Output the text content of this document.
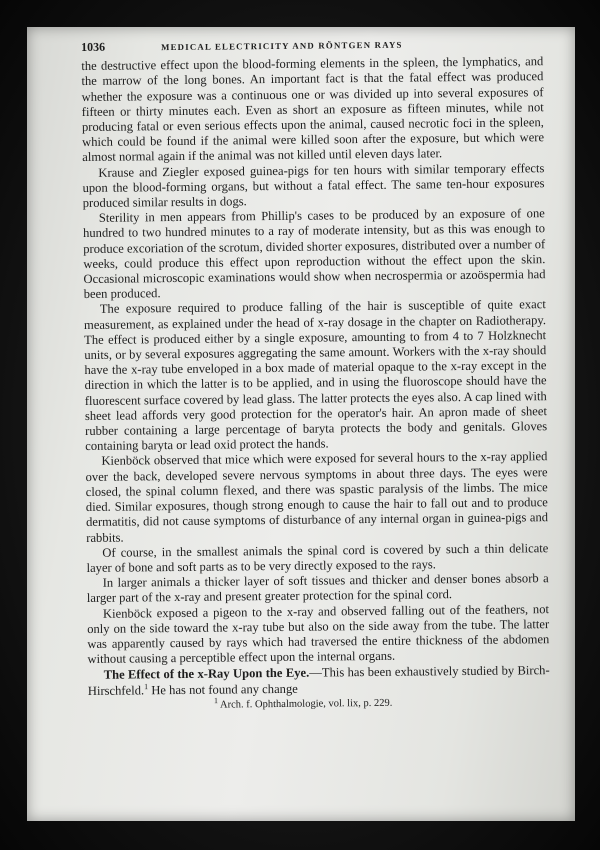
1036	MEDICAL ELECTRICITY AND RÖNTGEN RAYS

the destructive effect upon the blood-forming elements in the spleen, the lymphatics, and the marrow of the long bones. An important fact is that the fatal effect was produced whether the exposure was a continuous one or was divided up into several exposures of fifteen or thirty minutes each. Even as short an exposure as fifteen minutes, while not producing fatal or even serious effects upon the animal, caused necrotic foci in the spleen, which could be found if the animal were killed soon after the exposure, but which were almost normal again if the animal was not killed until eleven days later.

Krause and Ziegler exposed guinea-pigs for ten hours with similar temporary effects upon the blood-forming organs, but without a fatal effect. The same ten-hour exposures produced similar results in dogs.

Sterility in men appears from Phillip's cases to be produced by an exposure of one hundred to two hundred minutes to a ray of moderate intensity, but as this was enough to produce excoriation of the scrotum, divided shorter exposures, distributed over a number of weeks, could produce this effect upon reproduction without the effect upon the skin. Occasional microscopic examinations would show when necrospermia or azoöspermia had been produced.

The exposure required to produce falling of the hair is susceptible of quite exact measurement, as explained under the head of x-ray dosage in the chapter on Radiotherapy. The effect is produced either by a single exposure, amounting to from 4 to 7 Holzknecht units, or by several exposures aggregating the same amount. Workers with the x-ray should have the x-ray tube enveloped in a box made of material opaque to the x-ray except in the direction in which the latter is to be applied, and in using the fluoroscope should have the fluorescent surface covered by lead glass. The latter protects the eyes also. A cap lined with sheet lead affords very good protection for the operator's hair. An apron made of sheet rubber containing a large percentage of baryta protects the body and genitals. Gloves containing baryta or lead oxid protect the hands.

Kienböck observed that mice which were exposed for several hours to the x-ray applied over the back, developed severe nervous symptoms in about three days. The eyes were closed, the spinal column flexed, and there was spastic paralysis of the limbs. The mice died. Similar exposures, though strong enough to cause the hair to fall out and to produce dermatitis, did not cause symptoms of disturbance of any internal organ in guinea-pigs and rabbits.

Of course, in the smallest animals the spinal cord is covered by such a thin delicate layer of bone and soft parts as to be very directly exposed to the rays.

In larger animals a thicker layer of soft tissues and thicker and denser bones absorb a larger part of the x-ray and present greater protection for the spinal cord.

Kienböck exposed a pigeon to the x-ray and observed falling out of the feathers, not only on the side toward the x-ray tube but also on the side away from the tube. The latter was apparently caused by rays which had traversed the entire thickness of the abdomen without causing a perceptible effect upon the internal organs.

The Effect of the x-Ray Upon the Eye.—This has been exhaustively studied by Birch-Hirschfeld.$^1$ He has not found any change

$^1$ Arch. f. Ophthalmologie, vol. lix, p. 229.
